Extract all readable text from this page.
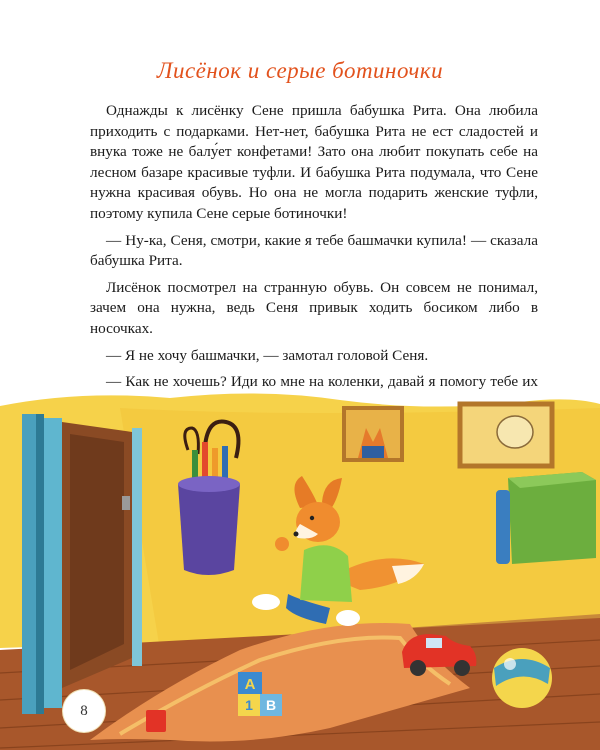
Лисёнок и серые ботиночки

Однажды к лисёнку Сене пришла бабушка Рита. Она любила приходить с подарками. Нет-нет, бабушка Рита не ест сладостей и внука тоже не балу́ет конфетами! Зато она любит покупать себе на лесном базаре красивые туфли. И бабушка Рита подумала, что Сене нужна красивая обувь. Но она не могла подарить женские туфли, поэтому купила Сене серые ботиночки!

— Ну-ка, Сеня, смотри, какие я тебе башмачки купила! — сказала бабушка Рита.

Лисёнок посмотрел на странную обувь. Он совсем не понимал, зачем она нужна, ведь Сеня привык ходить босиком либо в носочках.

— Я не хочу башмачки, — замотал головой Сеня.

— Как не хочешь? Иди ко мне на коленки, давай я помогу тебе их

A
1 B
8
